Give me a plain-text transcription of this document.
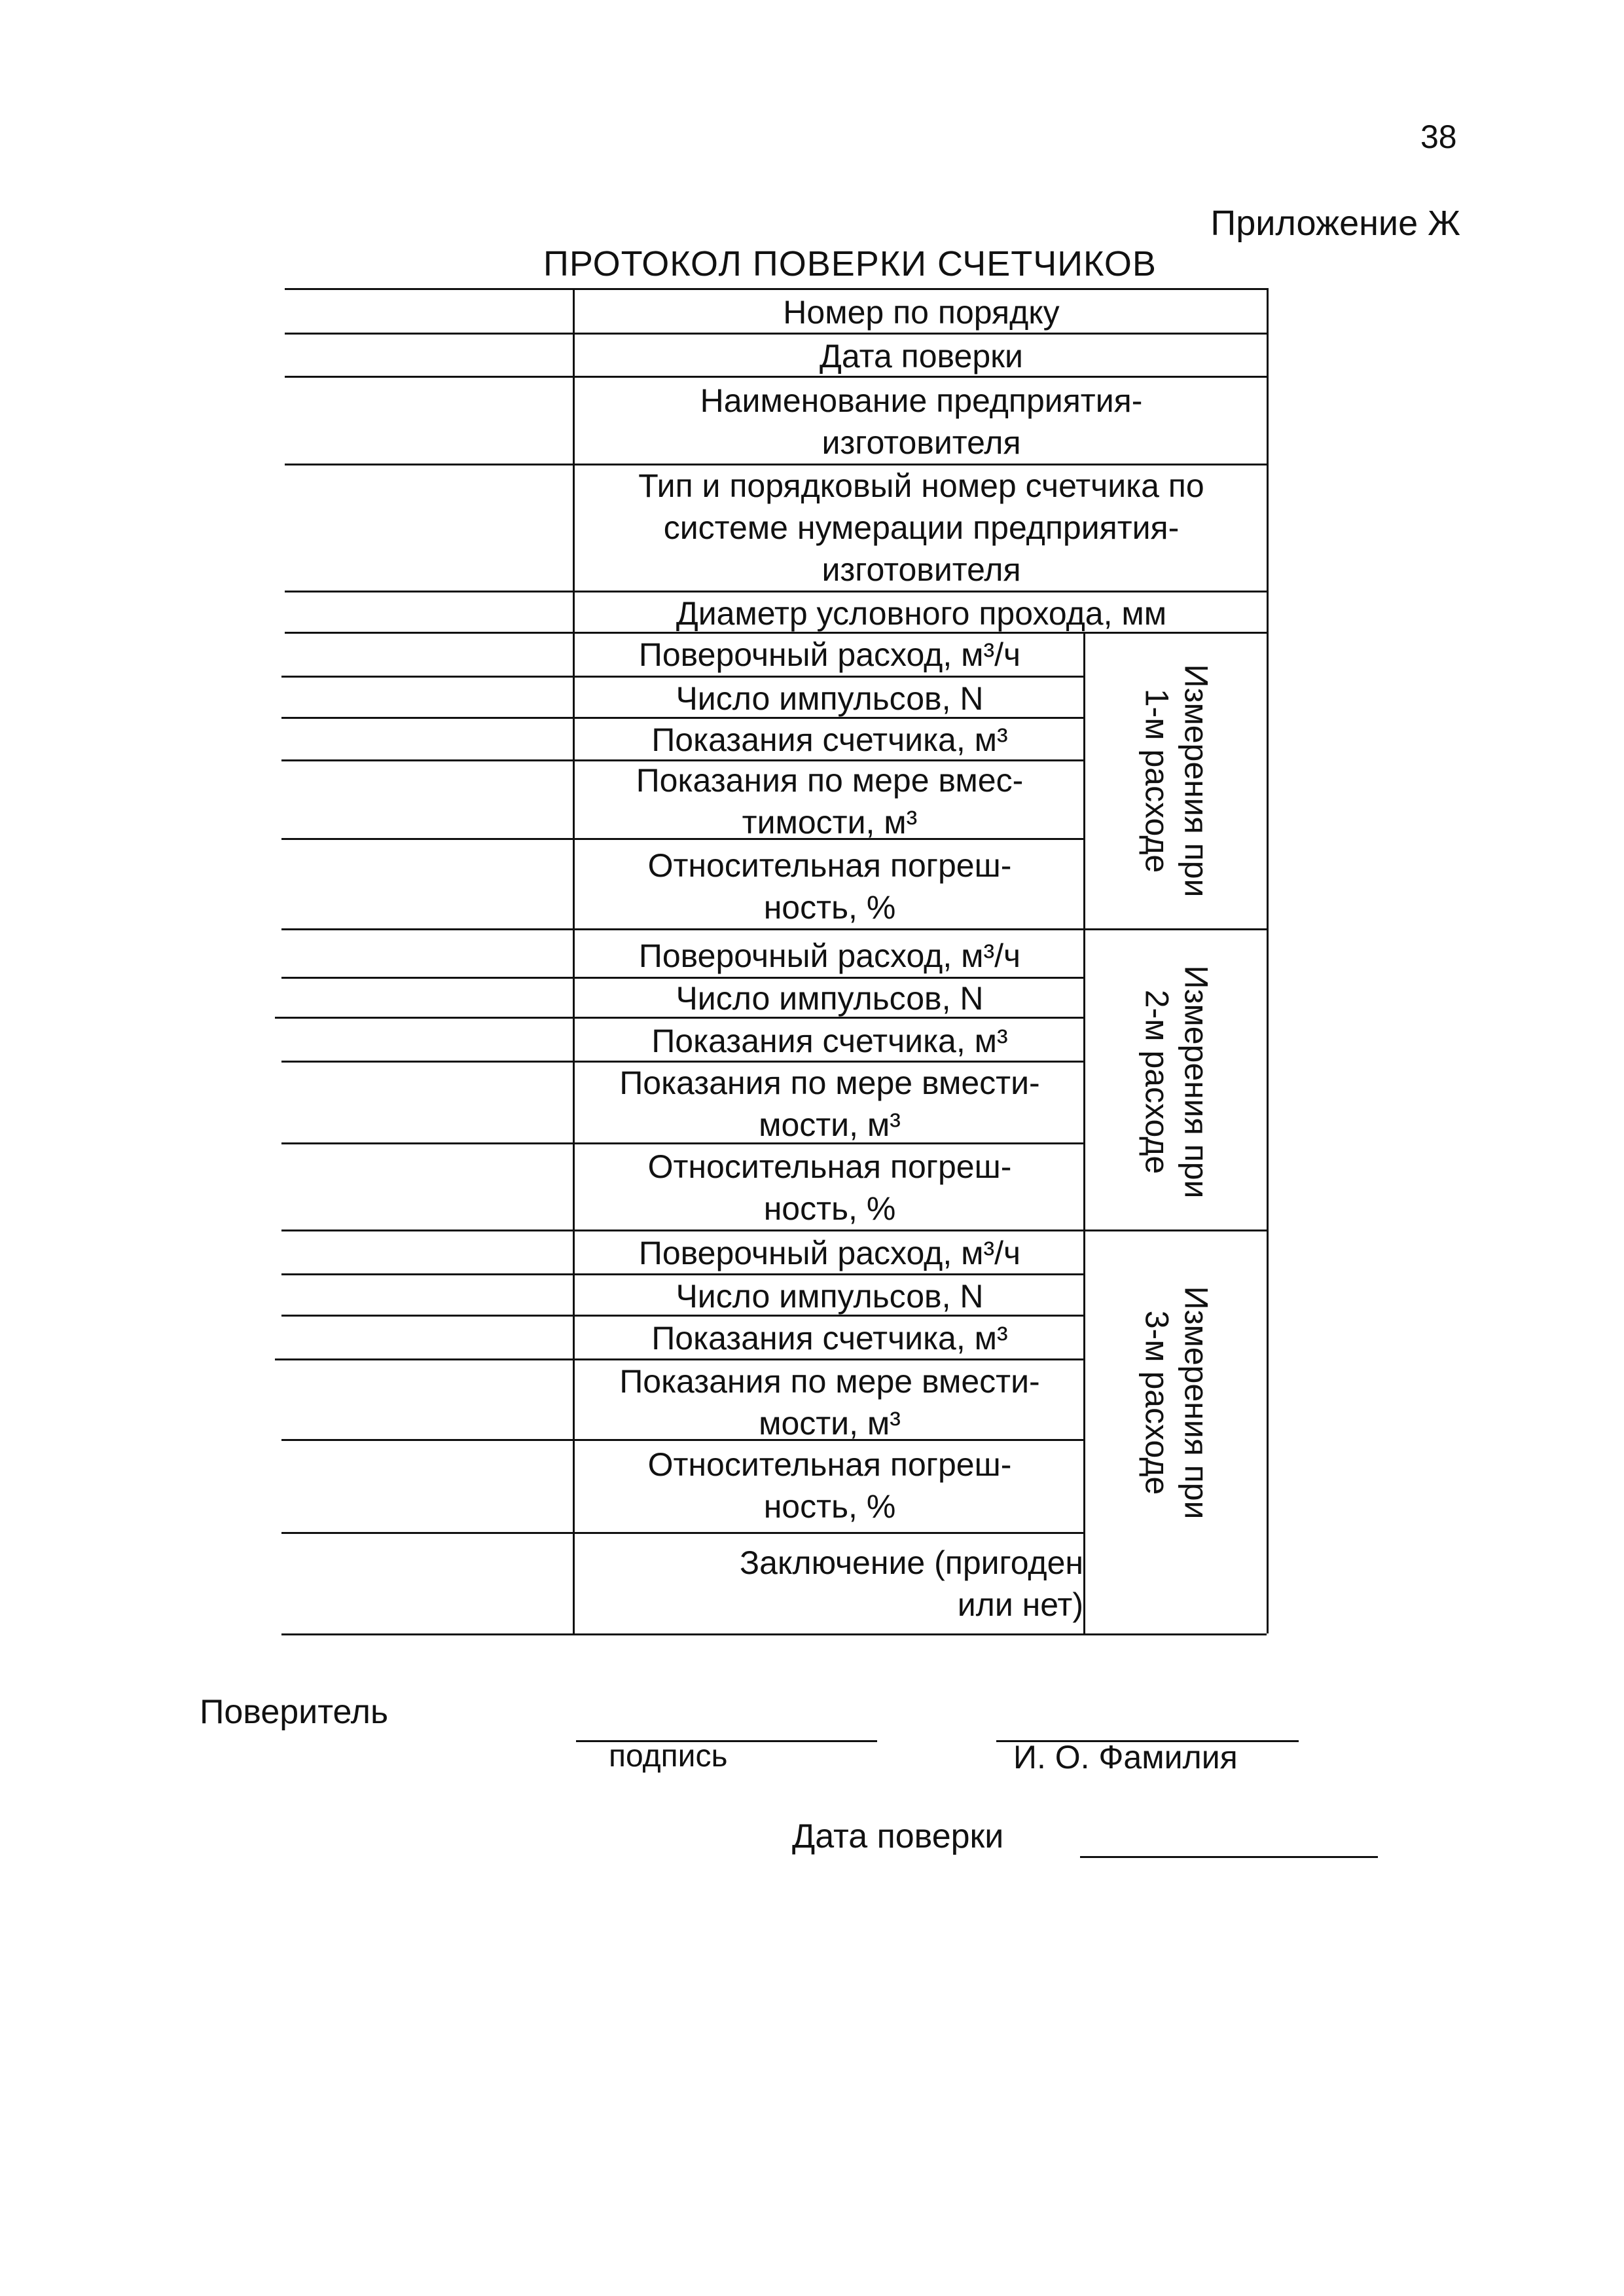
38
Приложение Ж
ПРОТОКОЛ ПОВЕРКИ СЧЕТЧИКОВ
Номер по порядку
Дата поверки
Наименование предприятия-
изготовителя
Тип и порядковый номер счетчика по
системе нумерации предприятия-
изготовителя
Диаметр условного прохода, мм
Поверочный расход, м³/ч
Число импульсов, N
Показания счетчика, м³
Показания по мере вмес-
тимости, м³
Относительная погреш-
ность, %
Измерения при
1-м расходе
Поверочный расход, м³/ч
Число импульсов, N
Показания счетчика, м³
Показания по мере вмести-
мости, м³
Относительная погреш-
ность, %
Измерения при
2-м расходе
Поверочный расход, м³/ч
Число импульсов, N
Показания счетчика, м³
Показания по мере вмести-
мости, м³
Относительная погреш-
ность, %
Измерения при
3-м расходе
Заключение (пригоден
или нет)
Поверитель
подпись	И. О. Фамилия
Дата поверки
